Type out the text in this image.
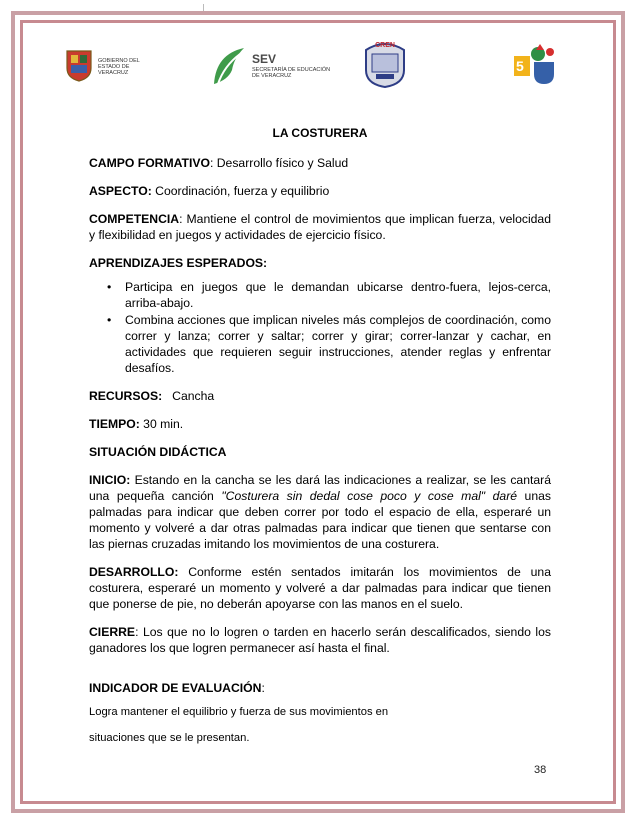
GOBIERNO DEL
ESTADO DE VERACRUZ
SEV
SECRETARÍA DE EDUCACIÓN
DE VERACRUZ
CREN
5
LA COSTURERA
CAMPO FORMATIVO: Desarrollo físico y Salud
ASPECTO: Coordinación, fuerza y equilibrio
COMPETENCIA: Mantiene el control de movimientos que implican fuerza, velocidad y flexibilidad en juegos y actividades de ejercicio físico.
APRENDIZAJES ESPERADOS:
• Participa en juegos que le demandan ubicarse dentro-fuera, lejos-cerca, arriba-abajo.
• Combina acciones que implican niveles más complejos de coordinación, como correr y lanza; correr y saltar; correr y girar; correr-lanzar y cachar, en actividades que requieren seguir instrucciones, atender reglas y enfrentar desafíos.
RECURSOS: Cancha
TIEMPO: 30 min.
SITUACIÓN DIDÁCTICA
INICIO: Estando en la cancha se les dará las indicaciones a realizar, se les cantará una pequeña canción "Costurera sin dedal cose poco y cose mal" daré unas palmadas para indicar que deben correr por todo el espacio de ella, esperaré un momento y volveré a dar otras palmadas para indicar que tienen que sentarse con las piernas cruzadas imitando los movimientos de una costurera.
DESARROLLO: Conforme estén sentados imitarán los movimientos de una costurera, esperaré un momento y volveré a dar palmadas para indicar que tienen que ponerse de pie, no deberán apoyarse con las manos en el suelo.
CIERRE: Los que no lo logren o tarden en hacerlo serán descalificados, siendo los ganadores los que logren permanecer así hasta el final.
INDICADOR DE EVALUACIÓN:
Logra mantener el equilibrio y fuerza de sus movimientos en
situaciones que se le presentan.
38
